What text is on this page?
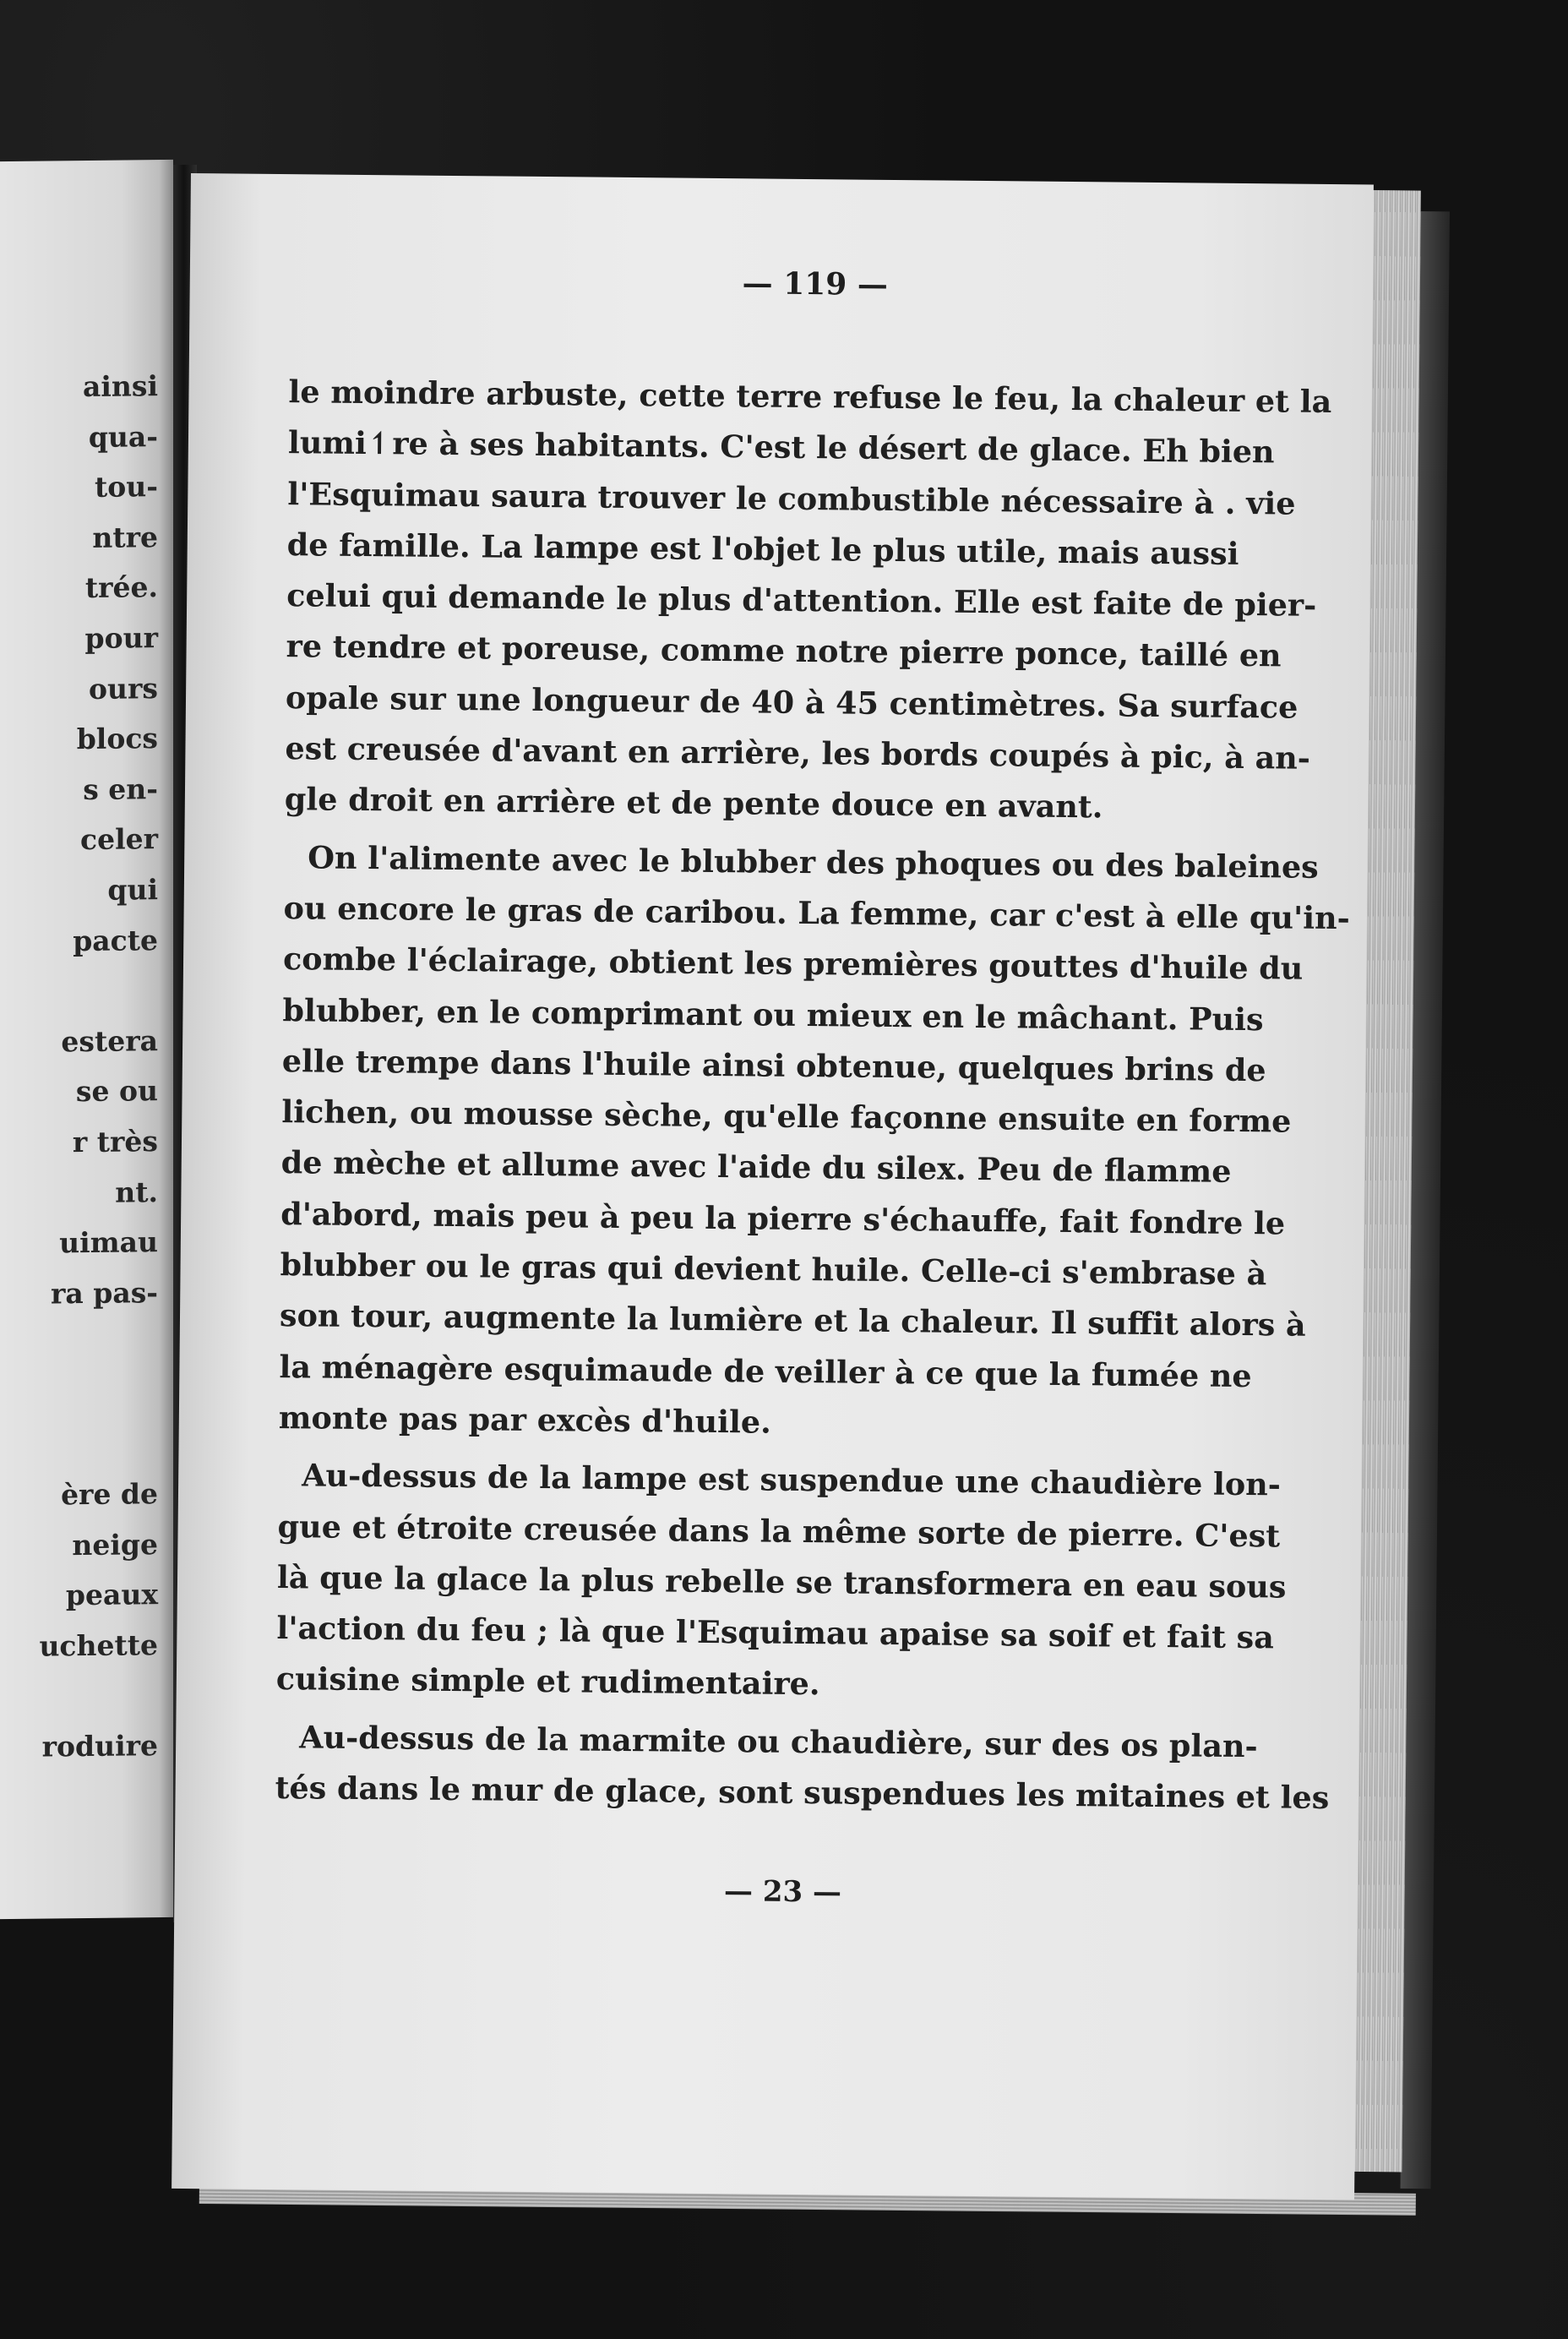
ainsi
qua-
tou-
ntre
trée.
pour
ours
blocs
s en-
celer
qui
pacte
estera
se ou
r très
nt.
uimau
ra pas-
ère de
neige
peaux
uchette
roduire
— 119 —
le moindre arbuste, cette terre refuse le feu, la chaleur et la
lumi↿re à ses habitants. C'est le désert de glace. Eh bien
l'Esquimau saura trouver le combustible nécessaire à . vie
de famille. La lampe est l'objet le plus utile, mais aussi
celui qui demande le plus d'attention. Elle est faite de pier-
re tendre et poreuse, comme notre pierre ponce, taillé en
opale sur une longueur de 40 à 45 centimètres. Sa surface
est creusée d'avant en arrière, les bords coupés à pic, à an-
gle droit en arrière et de pente douce en avant.
On l'alimente avec le blubber des phoques ou des baleines
ou encore le gras de caribou. La femme, car c'est à elle qu'in-
combe l'éclairage, obtient les premières gouttes d'huile du
blubber, en le comprimant ou mieux en le mâchant. Puis
elle trempe dans l'huile ainsi obtenue, quelques brins de
lichen, ou mousse sèche, qu'elle façonne ensuite en forme
de mèche et allume avec l'aide du silex. Peu de flamme
d'abord, mais peu à peu la pierre s'échauffe, fait fondre le
blubber ou le gras qui devient huile. Celle-ci s'embrase à
son tour, augmente la lumière et la chaleur. Il suffit alors à
la ménagère esquimaude de veiller à ce que la fumée ne
monte pas par excès d'huile.
Au-dessus de la lampe est suspendue une chaudière lon-
gue et étroite creusée dans la même sorte de pierre. C'est
là que la glace la plus rebelle se transformera en eau sous
l'action du feu ; là que l'Esquimau apaise sa soif et fait sa
cuisine simple et rudimentaire.
Au-dessus de la marmite ou chaudière, sur des os plan-
tés dans le mur de glace, sont suspendues les mitaines et les
— 23 —
